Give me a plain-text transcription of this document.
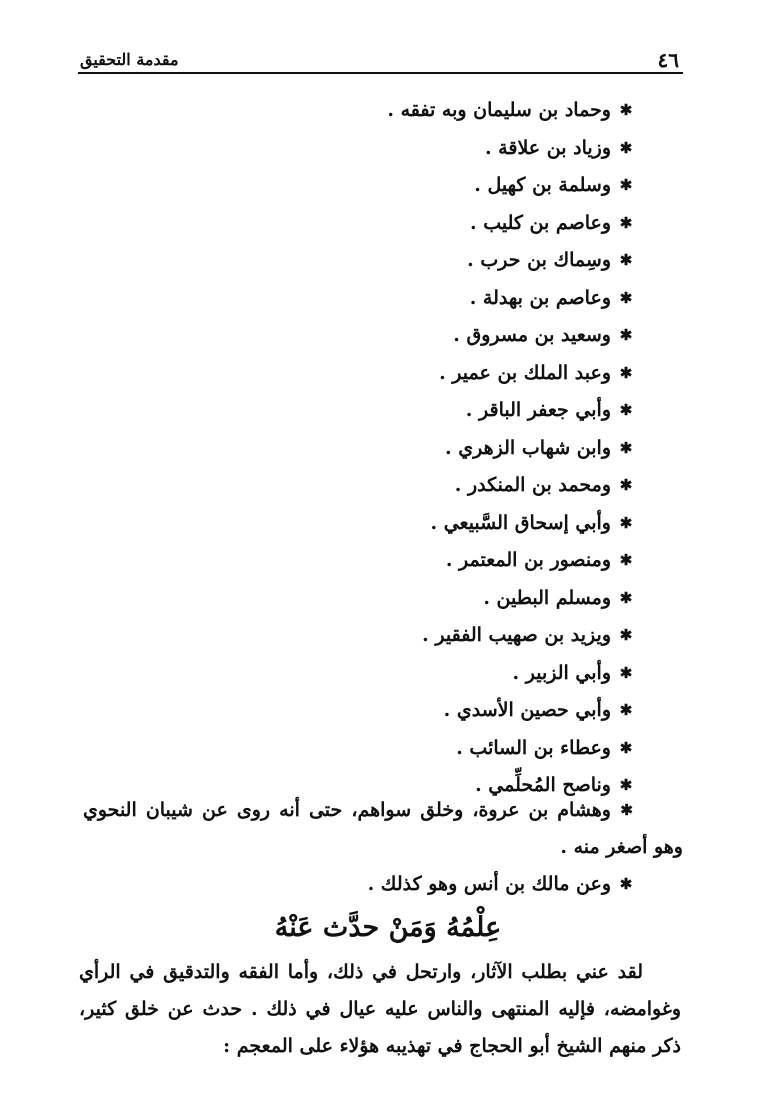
٤٦
مقدمة التحقيق
✱وحماد بن سليمان وبه تفقه .
✱وزياد بن علاقة .
✱وسلمة بن كهيل .
✱وعاصم بن كليب .
✱وسِماك بن حرب .
✱وعاصم بن بهدلة .
✱وسعيد بن مسروق .
✱وعبد الملك بن عمير .
✱وأبي جعفر الباقر .
✱وابن شهاب الزهري .
✱ومحمد بن المنكدر .
✱وأبي إسحاق السَّبيعي .
✱ومنصور بن المعتمر .
✱ومسلم البطين .
✱ويزيد بن صهيب الفقير .
✱وأبي الزبير .
✱وأبي حصين الأسدي .
✱وعطاء بن السائب .
✱وناصح المُحلِّمي .
✱وهشام بن عروة، وخلق سواهم، حتى أنه روى عن شيبان النحوي وهو أصغر منه .
✱وعن مالك بن أنس وهو كذلك .
عِلْمُهُ وَمَنْ حدَّث عَنْهُ
لقد عني بطلب الآثار، وارتحل في ذلك، وأما الفقه والتدقيق في الرأي وغوامضه، فإليه المنتهى والناس عليه عيال في ذلك . حدث عن خلق كثير، ذكر منهم الشيخ أبو الحجاج في تهذيبه هؤلاء على المعجم :
